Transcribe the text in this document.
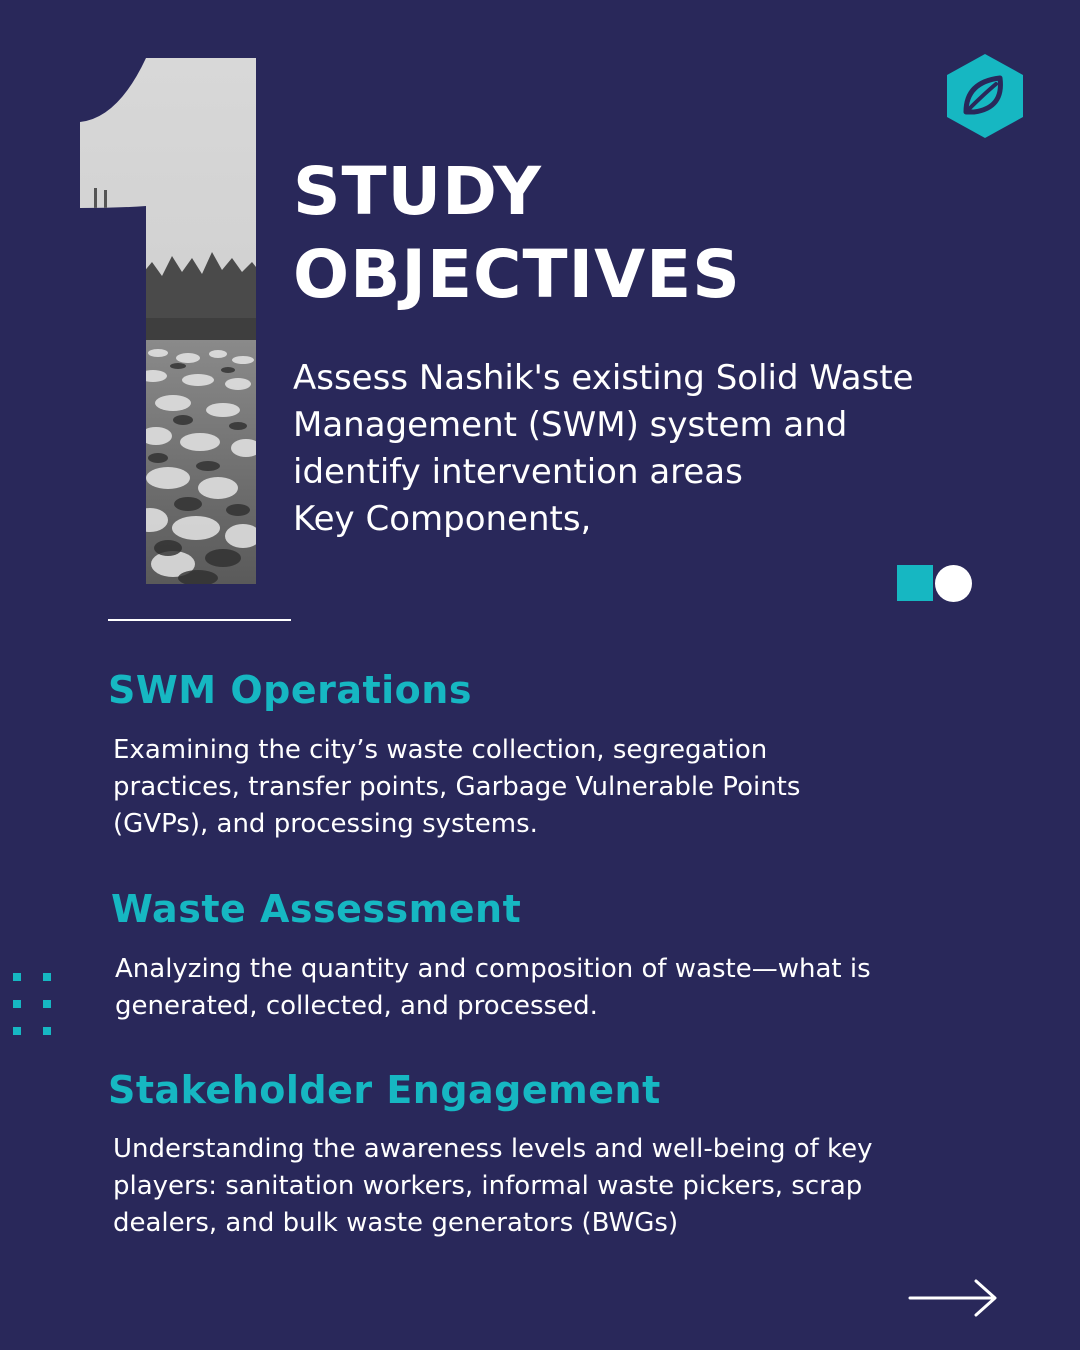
STUDY
OBJECTIVES
Assess Nashik's existing Solid Waste
Management (SWM) system and
identify intervention areas
Key Components,
SWM Operations
Examining the city’s waste collection, segregation
practices, transfer points, Garbage Vulnerable Points
(GVPs), and processing systems.
Waste Assessment
Analyzing the quantity and composition of waste—what is
generated, collected, and processed.
Stakeholder Engagement
Understanding the awareness levels and well-being of key
players: sanitation workers, informal waste pickers, scrap
dealers, and bulk waste generators (BWGs)
